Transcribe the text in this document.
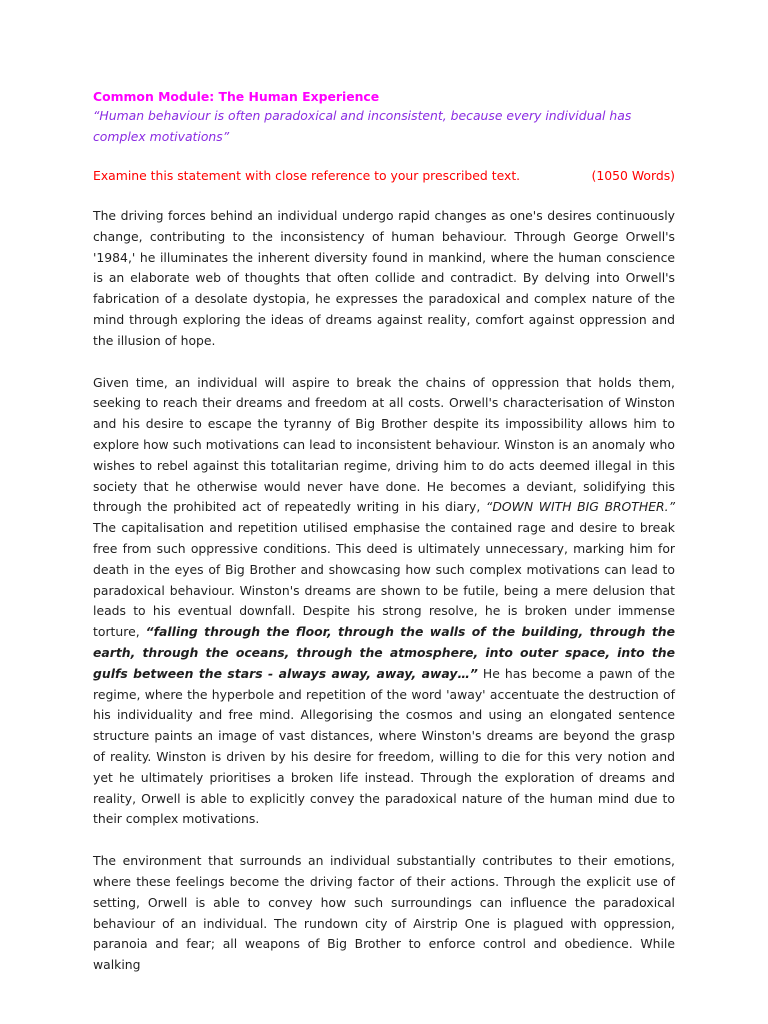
Common Module: The Human Experience

“Human behaviour is often paradoxical and inconsistent, because every individual has complex motivations”

Examine this statement with close reference to your prescribed text.	(1050 Words)

The driving forces behind an individual undergo rapid changes as one's desires continuously change, contributing to the inconsistency of human behaviour. Through George Orwell's '1984,' he illuminates the inherent diversity found in mankind, where the human conscience is an elaborate web of thoughts that often collide and contradict. By delving into Orwell's fabrication of a desolate dystopia, he expresses the paradoxical and complex nature of the mind through exploring the ideas of dreams against reality, comfort against oppression and the illusion of hope.

Given time, an individual will aspire to break the chains of oppression that holds them, seeking to reach their dreams and freedom at all costs. Orwell's characterisation of Winston and his desire to escape the tyranny of Big Brother despite its impossibility allows him to explore how such motivations can lead to inconsistent behaviour. Winston is an anomaly who wishes to rebel against this totalitarian regime, driving him to do acts deemed illegal in this society that he otherwise would never have done. He becomes a deviant, solidifying this through the prohibited act of repeatedly writing in his diary, “DOWN WITH BIG BROTHER.” The capitalisation and repetition utilised emphasise the contained rage and desire to break free from such oppressive conditions. This deed is ultimately unnecessary, marking him for death in the eyes of Big Brother and showcasing how such complex motivations can lead to paradoxical behaviour. Winston's dreams are shown to be futile, being a mere delusion that leads to his eventual downfall. Despite his strong resolve, he is broken under immense torture, “falling through the floor, through the walls of the building, through the earth, through the oceans, through the atmosphere, into outer space, into the gulfs between the stars - always away, away, away…” He has become a pawn of the regime, where the hyperbole and repetition of the word 'away' accentuate the destruction of his individuality and free mind. Allegorising the cosmos and using an elongated sentence structure paints an image of vast distances, where Winston's dreams are beyond the grasp of reality. Winston is driven by his desire for freedom, willing to die for this very notion and yet he ultimately prioritises a broken life instead. Through the exploration of dreams and reality, Orwell is able to explicitly convey the paradoxical nature of the human mind due to their complex motivations.

The environment that surrounds an individual substantially contributes to their emotions, where these feelings become the driving factor of their actions. Through the explicit use of setting, Orwell is able to convey how such surroundings can influence the paradoxical behaviour of an individual. The rundown city of Airstrip One is plagued with oppression, paranoia and fear; all weapons of Big Brother to enforce control and obedience. While walking
